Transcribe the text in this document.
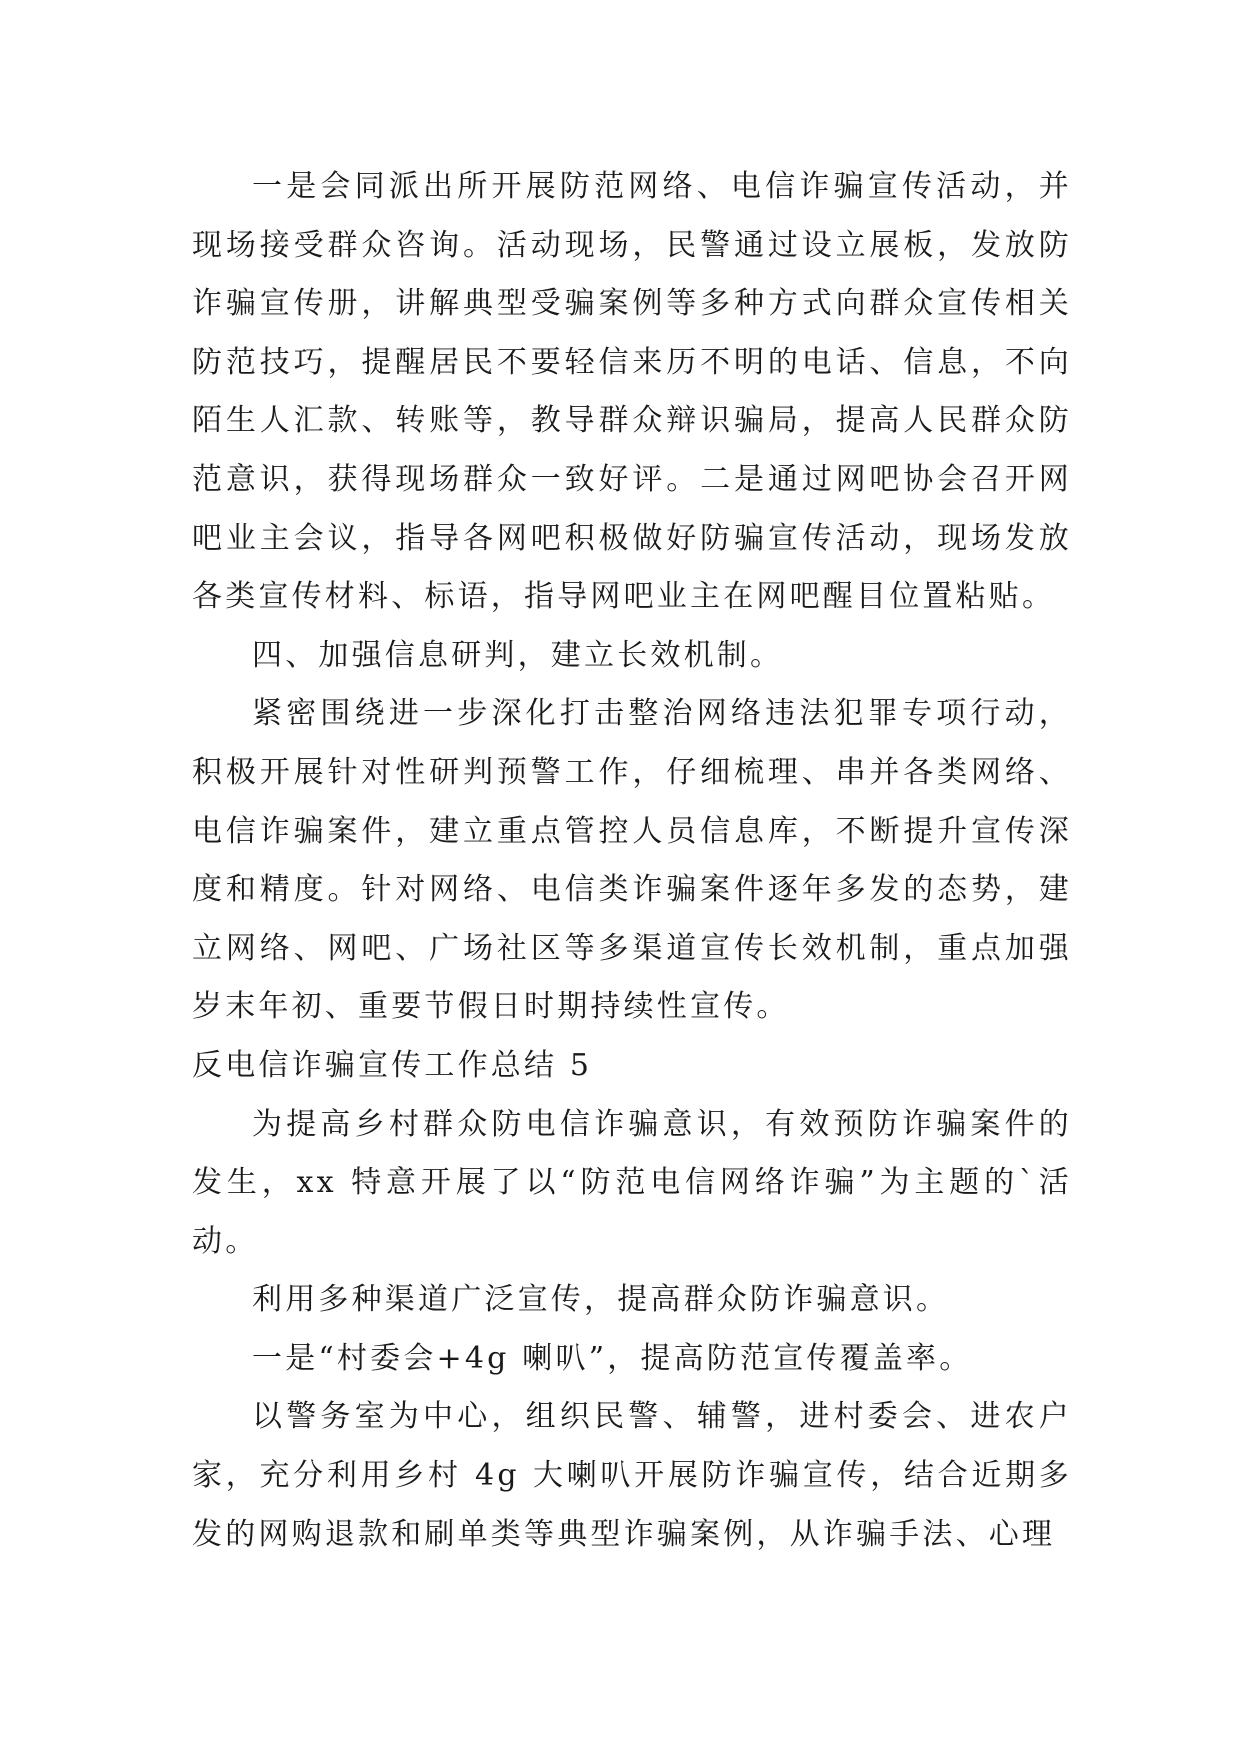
一是会同派出所开展防范网络、电信诈骗宣传活动，并现场接受群众咨询。活动现场，民警通过设立展板，发放防诈骗宣传册，讲解典型受骗案例等多种方式向群众宣传相关防范技巧，提醒居民不要轻信来历不明的电话、信息，不向陌生人汇款、转账等，教导群众辩识骗局，提高人民群众防范意识，获得现场群众一致好评。二是通过网吧协会召开网吧业主会议，指导各网吧积极做好防骗宣传活动，现场发放各类宣传材料、标语，指导网吧业主在网吧醒目位置粘贴。

四、加强信息研判，建立长效机制。

紧密围绕进一步深化打击整治网络违法犯罪专项行动，积极开展针对性研判预警工作，仔细梳理、串并各类网络、电信诈骗案件，建立重点管控人员信息库，不断提升宣传深度和精度。针对网络、电信类诈骗案件逐年多发的态势，建立网络、网吧、广场社区等多渠道宣传长效机制，重点加强岁末年初、重要节假日时期持续性宣传。

反电信诈骗宣传工作总结 5

为提高乡村群众防电信诈骗意识，有效预防诈骗案件的发生，xx 特意开展了以“防范电信网络诈骗”为主题的`活动。

利用多种渠道广泛宣传，提高群众防诈骗意识。

一是“村委会+4g 喇叭”，提高防范宣传覆盖率。

以警务室为中心，组织民警、辅警，进村委会、进农户家，充分利用乡村 4g 大喇叭开展防诈骗宣传，结合近期多发的网购退款和刷单类等典型诈骗案例，从诈骗手法、心理
